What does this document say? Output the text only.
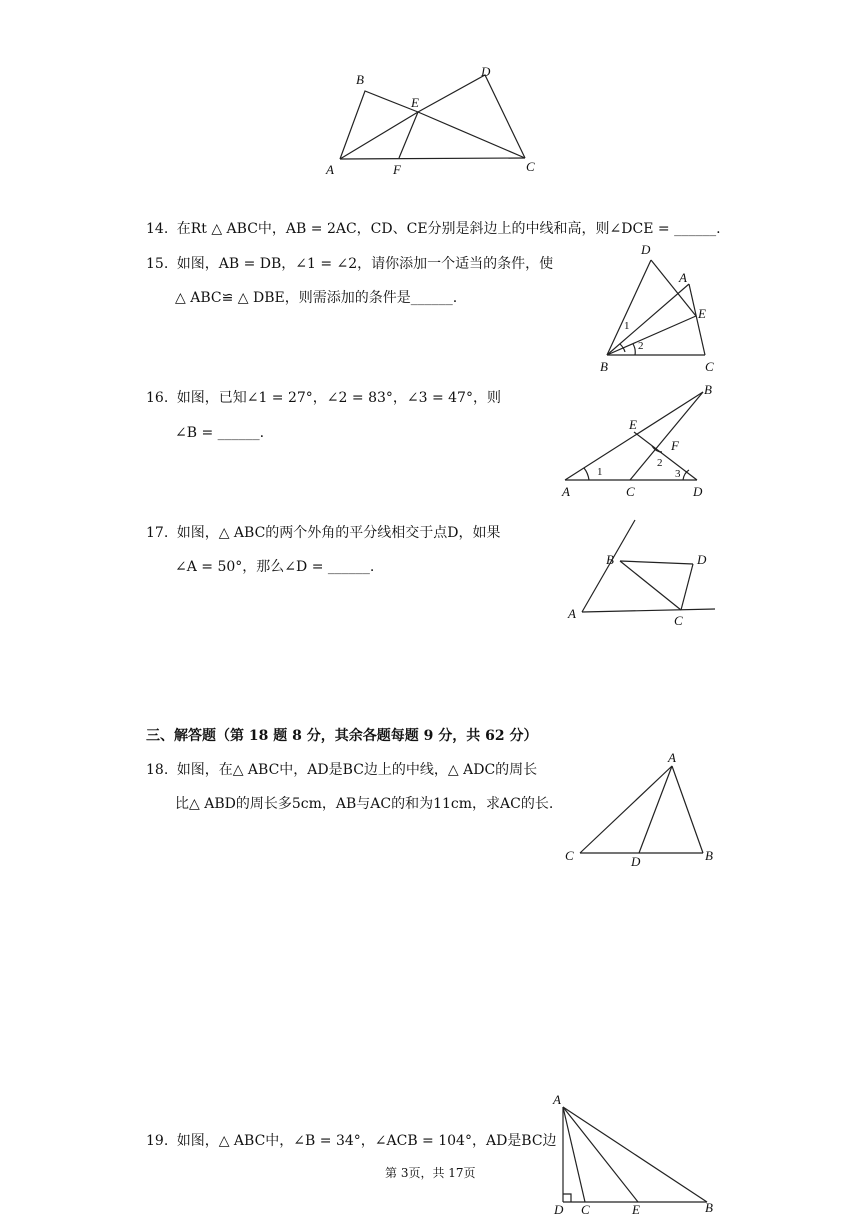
B
D
E
A	F	C
14. 在Rt △ ABC中，AB = 2AC，CD、CE分别是斜边上的中线和高，则∠DCE = ______.
15. 如图，AB = DB，∠1 = ∠2，请你添加一个适当的条件，使
△ ABC≌ △ DBE，则需添加的条件是______.
D
A
E
1
2
B	C
16. 如图，已知∠1 = 27°，∠2 = 83°，∠3 = 47°，则
∠B = ______.
B
E
F
2
1	3
A	C	D
17. 如图，△ ABC的两个外角的平分线相交于点D，如果
∠A = 50°，那么∠D = ______.	B	D
A	C
三、解答题（第 18 题 8 分，其余各题每题 9 分，共 62 分）
18. 如图，在△ ABC中，AD是BC边上的中线，△ ADC的周长
比△ ABD的周长多5cm，AB与AC的和为11cm，求AC的长.
A
C	D	B
19. 如图，△ ABC中，∠B = 34°，∠ACB = 104°，AD是BC边
A
D C	E	B
第 3页，共 17页
